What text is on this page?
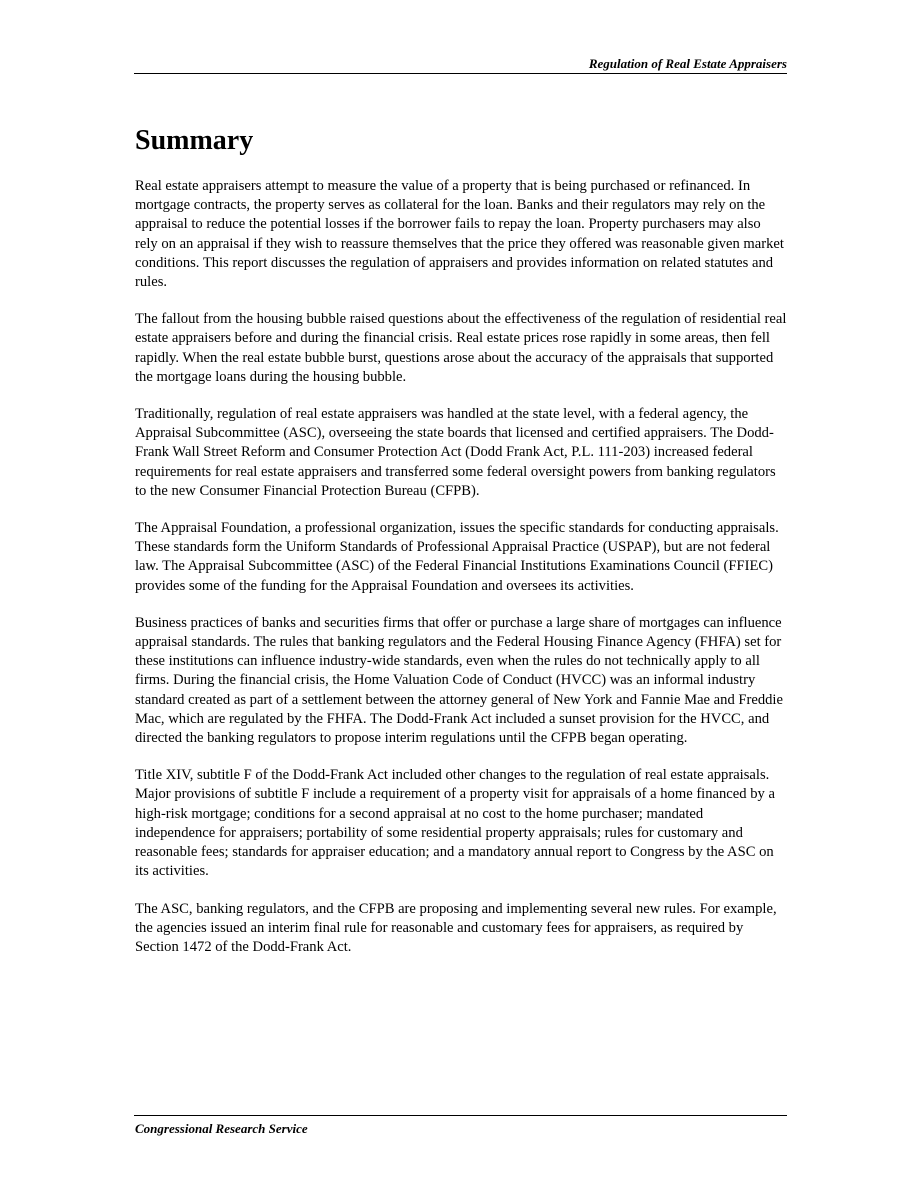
Regulation of Real Estate Appraisers
Summary

Real estate appraisers attempt to measure the value of a property that is being purchased or refinanced. In mortgage contracts, the property serves as collateral for the loan. Banks and their regulators may rely on the appraisal to reduce the potential losses if the borrower fails to repay the loan. Property purchasers may also rely on an appraisal if they wish to reassure themselves that the price they offered was reasonable given market conditions. This report discusses the regulation of appraisers and provides information on related statutes and rules.

The fallout from the housing bubble raised questions about the effectiveness of the regulation of residential real estate appraisers before and during the financial crisis. Real estate prices rose rapidly in some areas, then fell rapidly. When the real estate bubble burst, questions arose about the accuracy of the appraisals that supported the mortgage loans during the housing bubble.

Traditionally, regulation of real estate appraisers was handled at the state level, with a federal agency, the Appraisal Subcommittee (ASC), overseeing the state boards that licensed and certified appraisers. The Dodd-Frank Wall Street Reform and Consumer Protection Act (Dodd Frank Act, P.L. 111-203) increased federal requirements for real estate appraisers and transferred some federal oversight powers from banking regulators to the new Consumer Financial Protection Bureau (CFPB).

The Appraisal Foundation, a professional organization, issues the specific standards for conducting appraisals. These standards form the Uniform Standards of Professional Appraisal Practice (USPAP), but are not federal law. The Appraisal Subcommittee (ASC) of the Federal Financial Institutions Examinations Council (FFIEC) provides some of the funding for the Appraisal Foundation and oversees its activities.

Business practices of banks and securities firms that offer or purchase a large share of mortgages can influence appraisal standards. The rules that banking regulators and the Federal Housing Finance Agency (FHFA) set for these institutions can influence industry-wide standards, even when the rules do not technically apply to all firms. During the financial crisis, the Home Valuation Code of Conduct (HVCC) was an informal industry standard created as part of a settlement between the attorney general of New York and Fannie Mae and Freddie Mac, which are regulated by the FHFA. The Dodd-Frank Act included a sunset provision for the HVCC, and directed the banking regulators to propose interim regulations until the CFPB began operating.

Title XIV, subtitle F of the Dodd-Frank Act included other changes to the regulation of real estate appraisals. Major provisions of subtitle F include a requirement of a property visit for appraisals of a home financed by a high-risk mortgage; conditions for a second appraisal at no cost to the home purchaser; mandated independence for appraisers; portability of some residential property appraisals; rules for customary and reasonable fees; standards for appraiser education; and a mandatory annual report to Congress by the ASC on its activities.

The ASC, banking regulators, and the CFPB are proposing and implementing several new rules. For example, the agencies issued an interim final rule for reasonable and customary fees for appraisers, as required by Section 1472 of the Dodd-Frank Act.

Congressional Research Service
